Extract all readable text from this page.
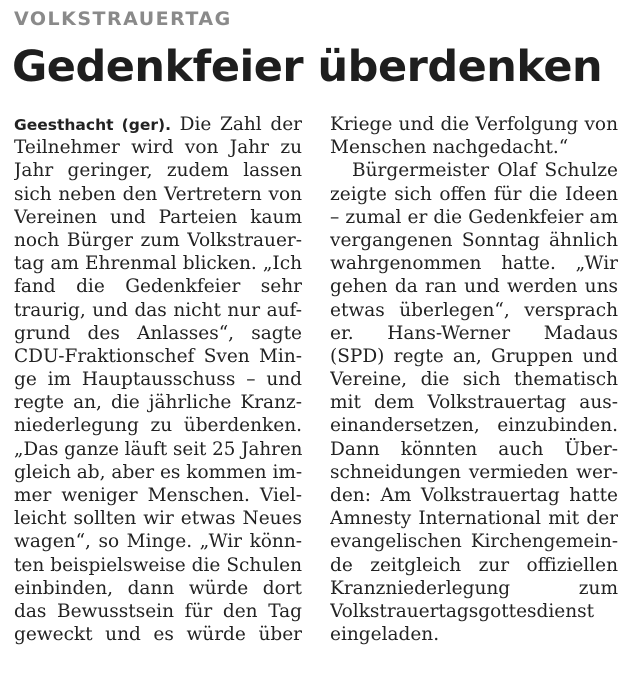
VOLKSTRAUERTAG
Gedenkfeier überdenken
Geesthacht (ger). Die Zahl der
Teilnehmer wird von Jahr zu
Jahr geringer, zudem lassen
sich neben den Vertretern von
Vereinen und Parteien kaum
noch Bürger zum Volkstrauer-
tag am Ehrenmal blicken. „Ich
fand die Gedenkfeier sehr
traurig, und das nicht nur auf-
grund des Anlasses“, sagte
CDU-Fraktionschef Sven Min-
ge im Hauptausschuss – und
regte an, die jährliche Kranz-
niederlegung zu überdenken.
„Das ganze läuft seit 25 Jahren
gleich ab, aber es kommen im-
mer weniger Menschen. Viel-
leicht sollten wir etwas Neues
wagen“, so Minge. „Wir könn-
ten beispielsweise die Schulen
einbinden, dann würde dort
das Bewusstsein für den Tag
geweckt und es würde über
Kriege und die Verfolgung von
Menschen nachgedacht.“
Bürgermeister Olaf Schulze
zeigte sich offen für die Ideen
– zumal er die Gedenkfeier am
vergangenen Sonntag ähnlich
wahrgenommen hatte. „Wir
gehen da ran und werden uns
etwas überlegen“, versprach
er. Hans-Werner Madaus
(SPD) regte an, Gruppen und
Vereine, die sich thematisch
mit dem Volkstrauertag aus-
einandersetzen, einzubinden.
Dann könnten auch Über-
schneidungen vermieden wer-
den: Am Volkstrauertag hatte
Amnesty International mit der
evangelischen Kirchengemein-
de zeitgleich zur offiziellen
Kranzniederlegung zum
Volkstrauertagsgottesdienst
eingeladen.
